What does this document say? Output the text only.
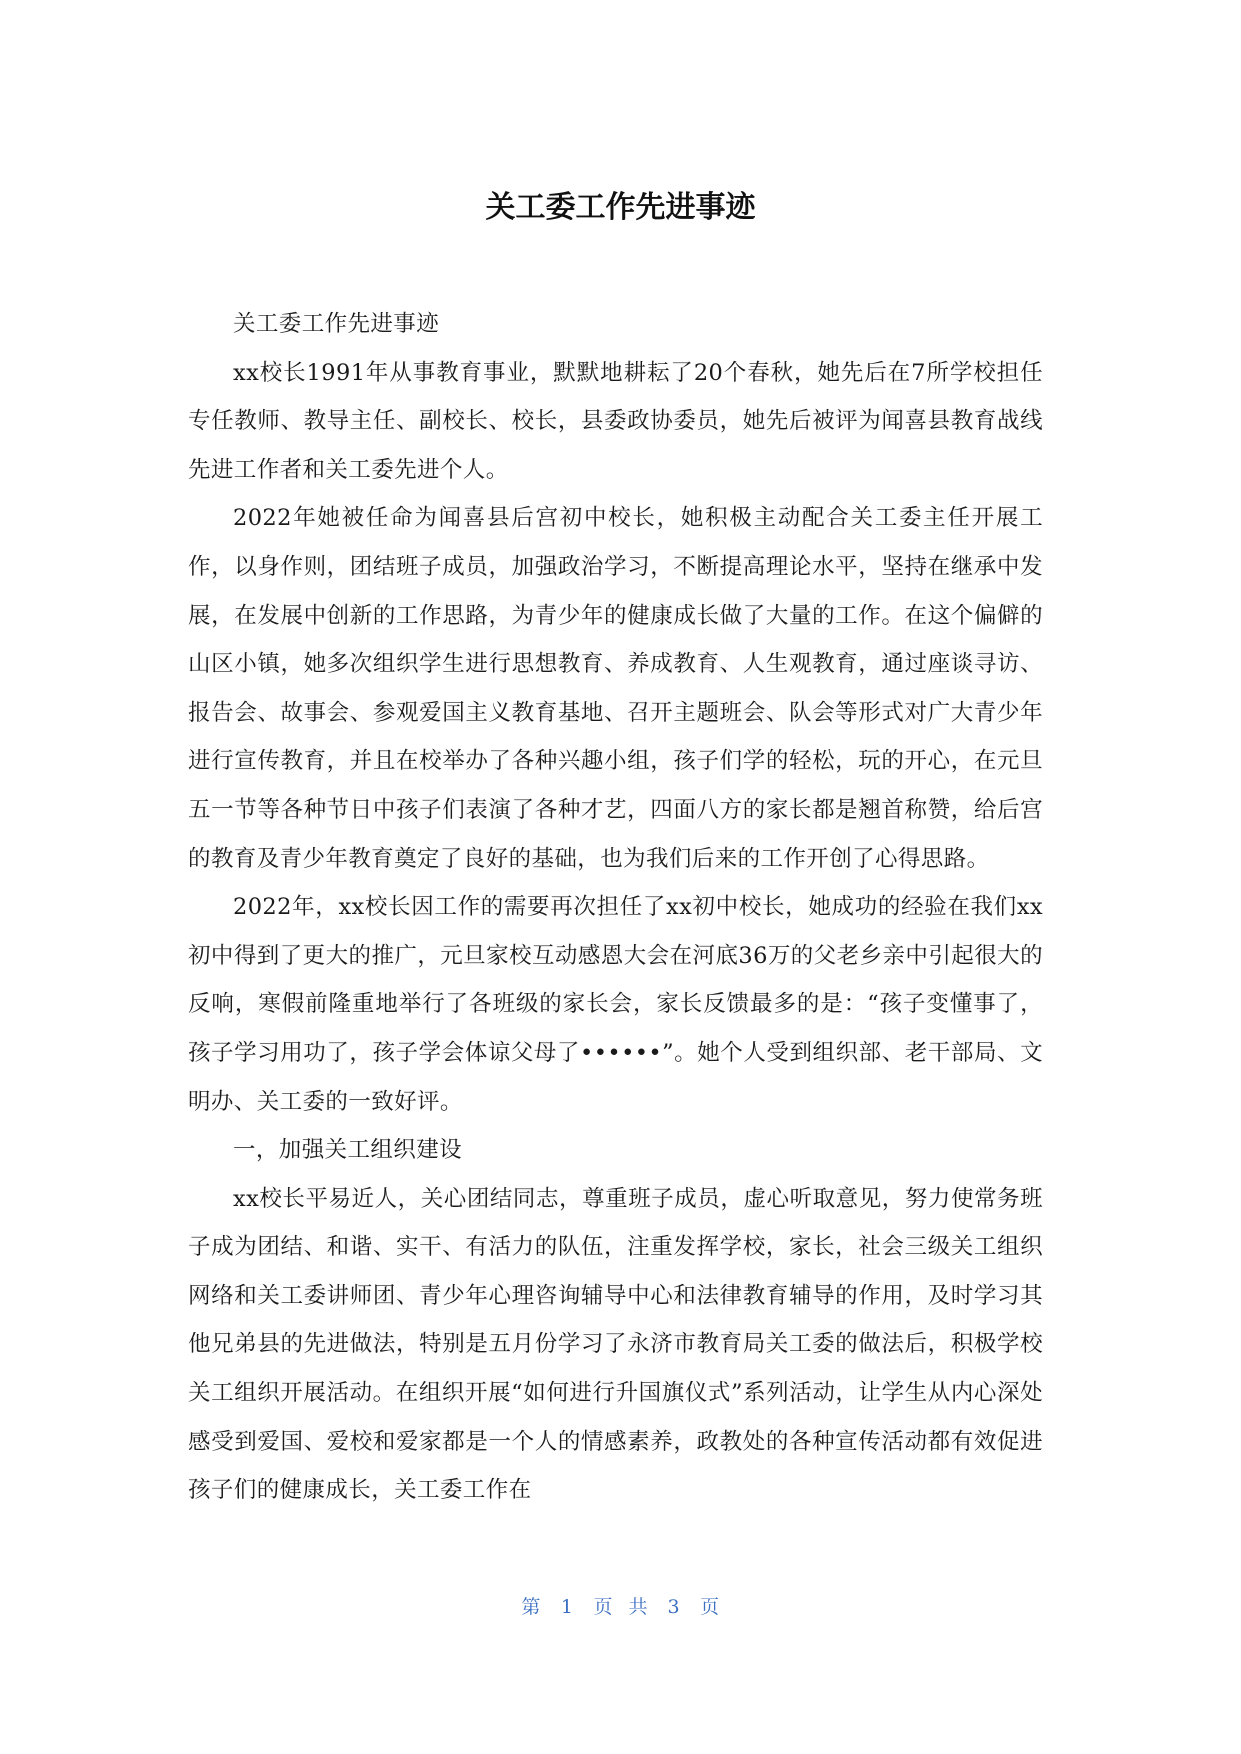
关工委工作先进事迹

关工委工作先进事迹

xx校长1991年从事教育事业，默默地耕耘了20个春秋，她先后在7所学校担任专任教师、教导主任、副校长、校长，县委政协委员，她先后被评为闻喜县教育战线先进工作者和关工委先进个人。

2022年她被任命为闻喜县后宫初中校长，她积极主动配合关工委主任开展工作，以身作则，团结班子成员，加强政治学习，不断提高理论水平，坚持在继承中发展，在发展中创新的工作思路，为青少年的健康成长做了大量的工作。在这个偏僻的山区小镇，她多次组织学生进行思想教育、养成教育、人生观教育，通过座谈寻访、报告会、故事会、参观爱国主义教育基地、召开主题班会、队会等形式对广大青少年进行宣传教育，并且在校举办了各种兴趣小组，孩子们学的轻松，玩的开心，在元旦五一节等各种节日中孩子们表演了各种才艺，四面八方的家长都是翘首称赞，给后宫的教育及青少年教育奠定了良好的基础，也为我们后来的工作开创了心得思路。

2022年，xx校长因工作的需要再次担任了xx初中校长，她成功的经验在我们xx初中得到了更大的推广，元旦家校互动感恩大会在河底36万的父老乡亲中引起很大的反响，寒假前隆重地举行了各班级的家长会，家长反馈最多的是：“孩子变懂事了，孩子学习用功了，孩子学会体谅父母了••••••”。她个人受到组织部、老干部局、文明办、关工委的一致好评。

一，加强关工组织建设

xx校长平易近人，关心团结同志，尊重班子成员，虚心听取意见，努力使常务班子成为团结、和谐、实干、有活力的队伍，注重发挥学校，家长，社会三级关工组织网络和关工委讲师团、青少年心理咨询辅导中心和法律教育辅导的作用，及时学习其他兄弟县的先进做法，特别是五月份学习了永济市教育局关工委的做法后，积极学校关工组织开展活动。在组织开展“如何进行升国旗仪式”系列活动，让学生从内心深处感受到爱国、爱校和爱家都是一个人的情感素养，政教处的各种宣传活动都有效促进孩子们的健康成长，关工委工作在

第 1 页共 3 页
